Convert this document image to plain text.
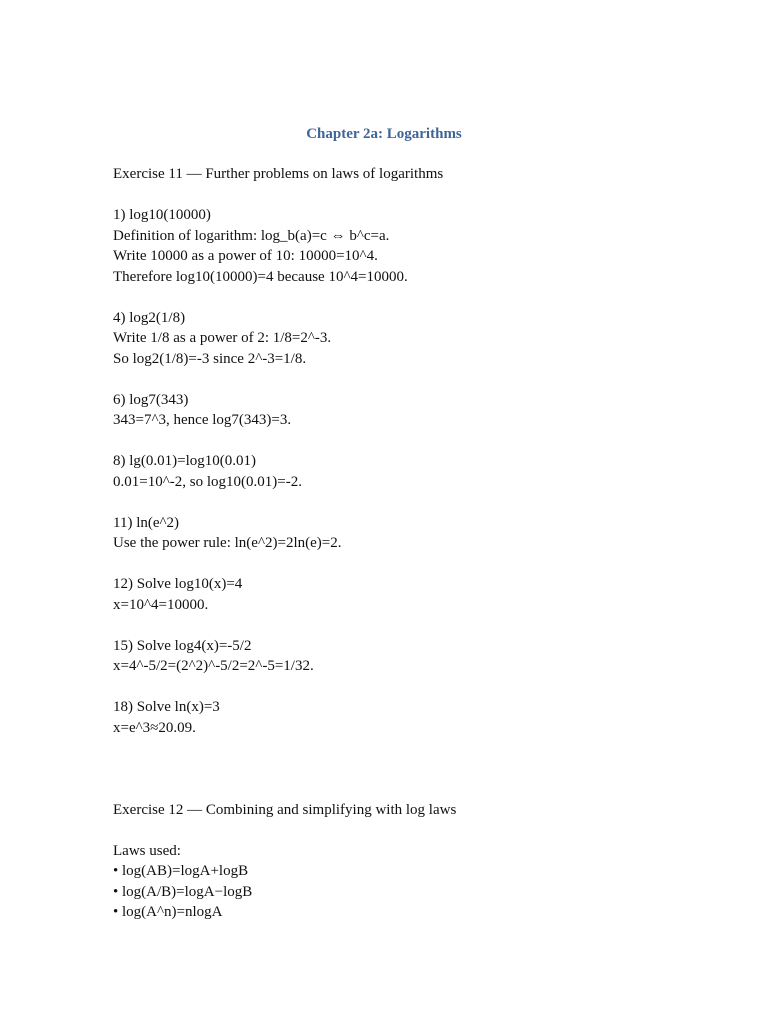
Chapter 2a: Logarithms
Exercise 11 — Further problems on laws of logarithms
1) log10(10000)
Definition of logarithm: log_b(a)=c ⇔ b^c=a.
Write 10000 as a power of 10: 10000=10^4.
Therefore log10(10000)=4 because 10^4=10000.
4) log2(1/8)
Write 1/8 as a power of 2: 1/8=2^-3.
So log2(1/8)=-3 since 2^-3=1/8.
6) log7(343)
343=7^3, hence log7(343)=3.
8) lg(0.01)=log10(0.01)
0.01=10^-2, so log10(0.01)=-2.
11) ln(e^2)
Use the power rule: ln(e^2)=2ln(e)=2.
12) Solve log10(x)=4
x=10^4=10000.
15) Solve log4(x)=-5/2
x=4^-5/2=(2^2)^-5/2=2^-5=1/32.
18) Solve ln(x)=3
x=e^3≈20.09.
Exercise 12 — Combining and simplifying with log laws
Laws used:
• log(AB)=logA+logB
• log(A/B)=logA−logB
• log(A^n)=nlogA
